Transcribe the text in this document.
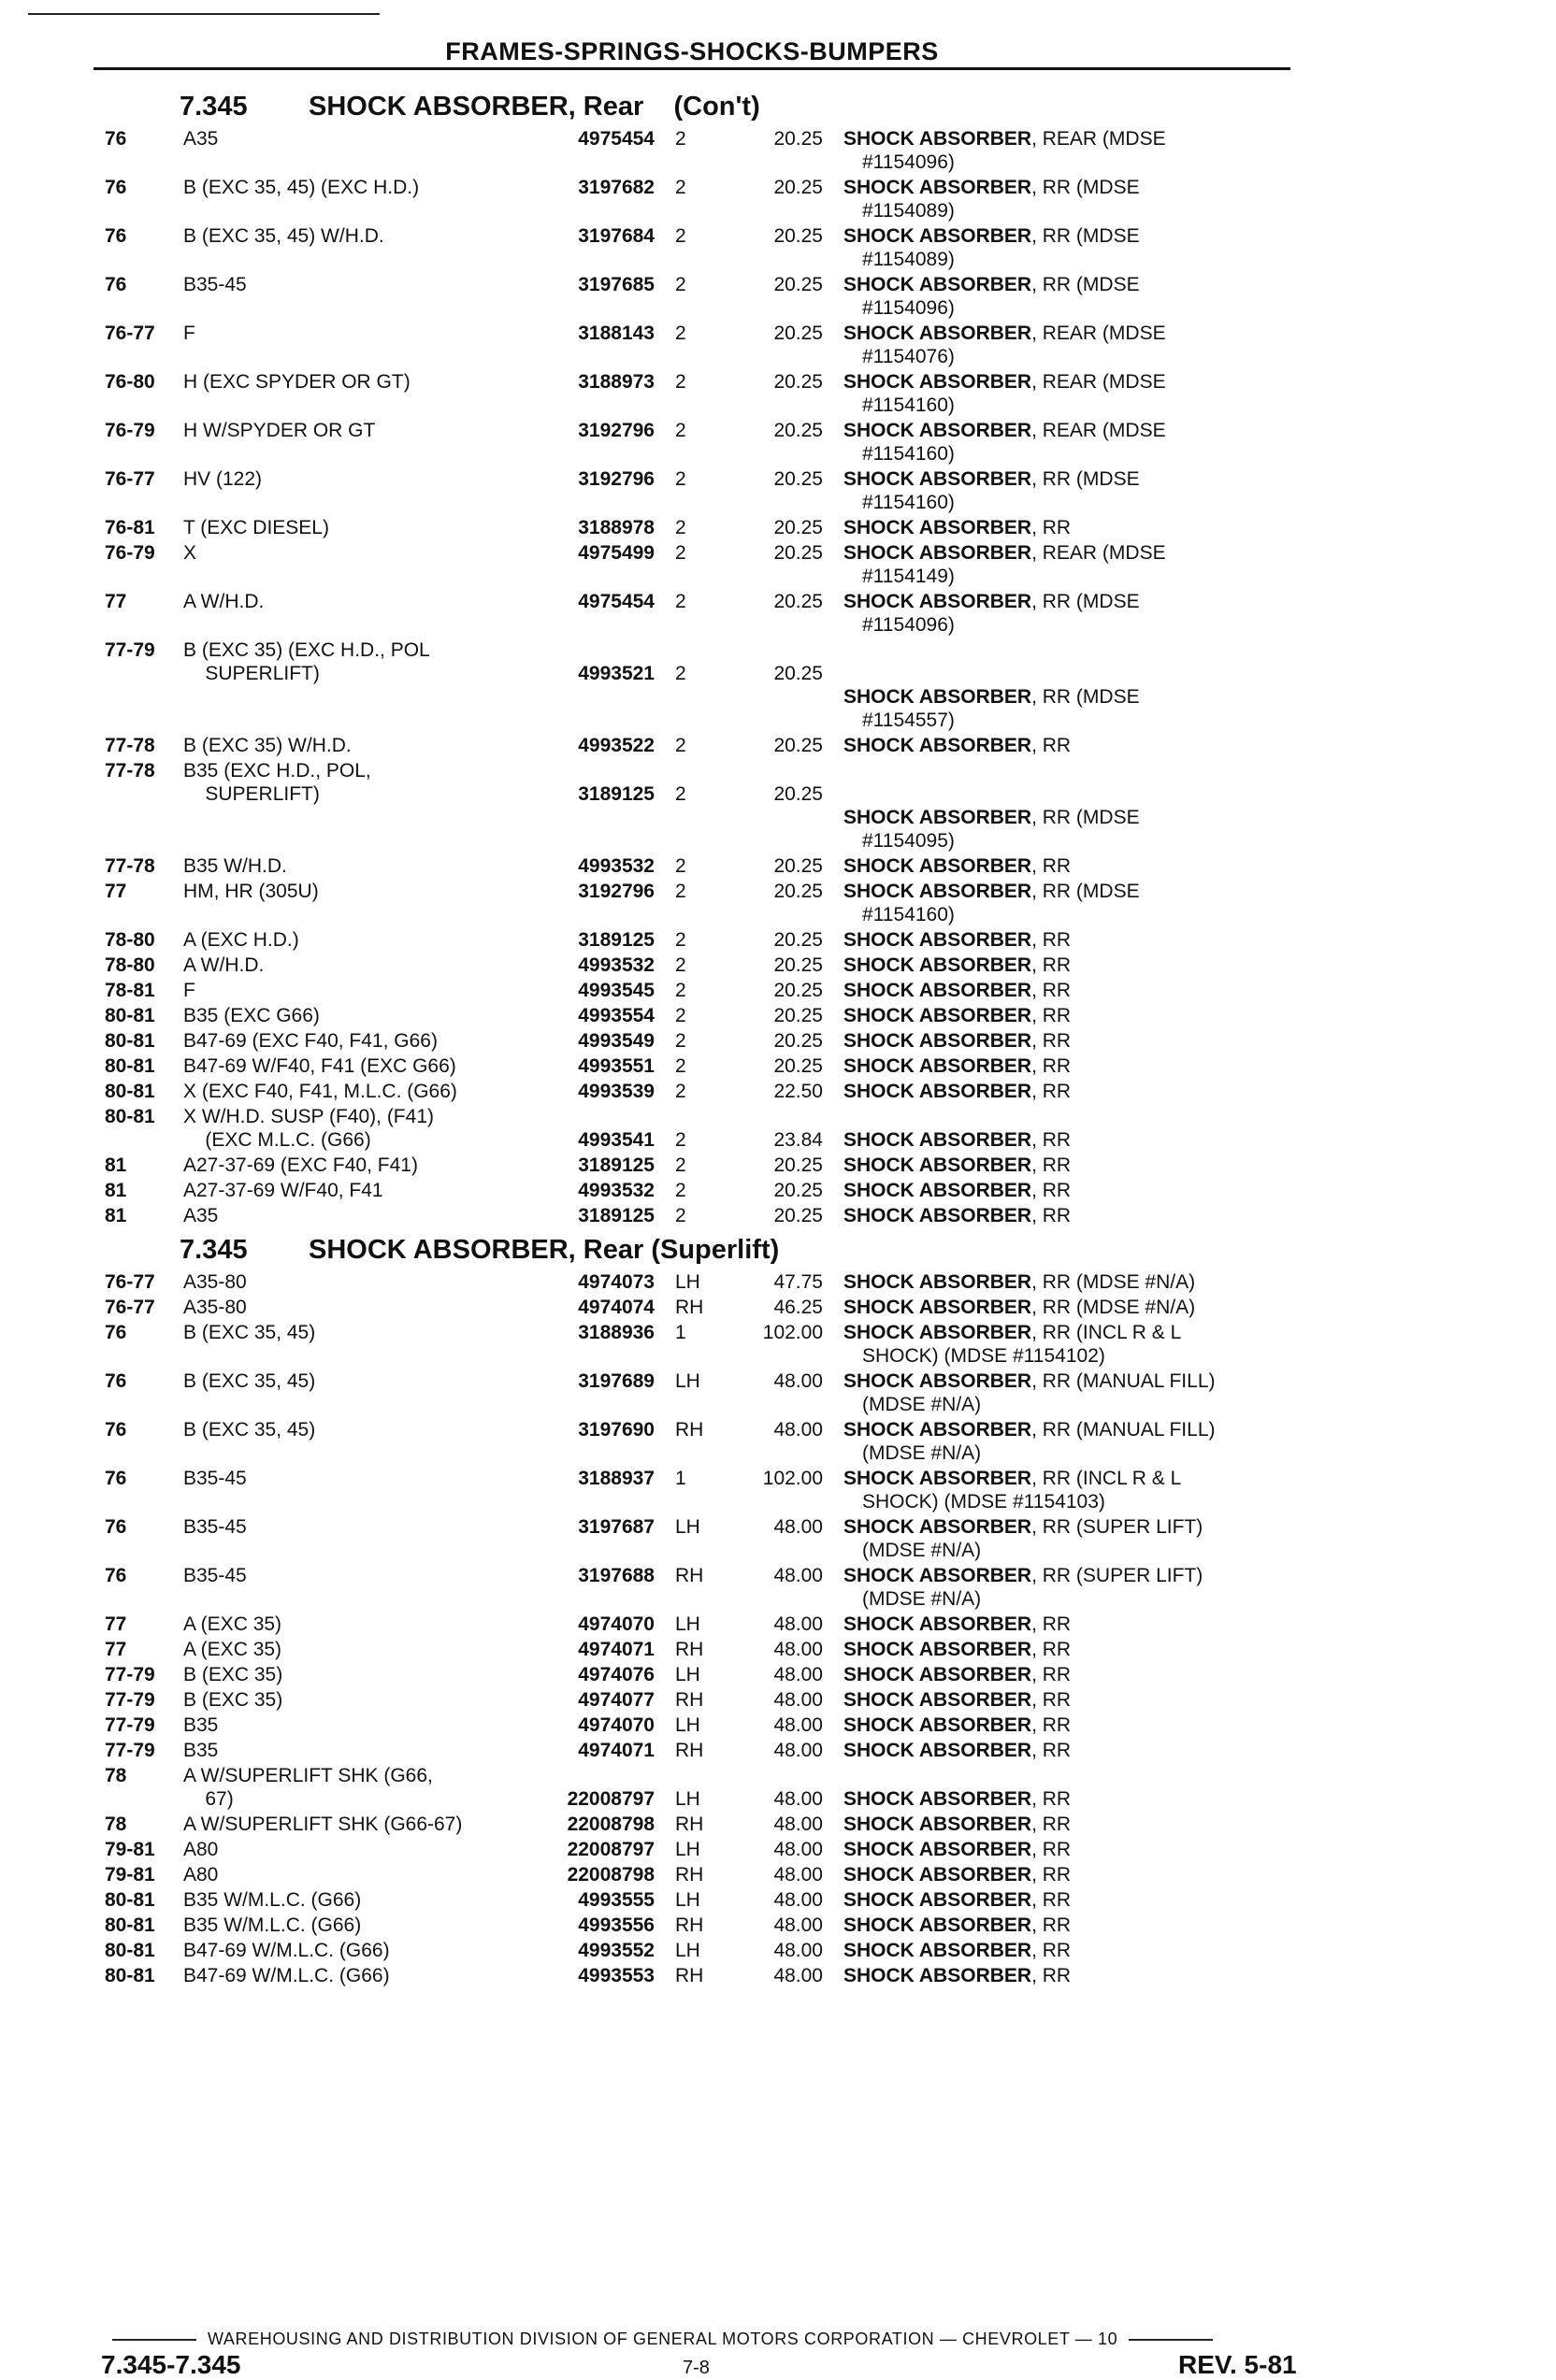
FRAMES-SPRINGS-SHOCKS-BUMPERS
7.345 SHOCK ABSORBER, Rear    (Con't)
76	A35	4975454 2	20.25 SHOCK ABSORBER, REAR (MDSE
#1154096)
76	B (EXC 35, 45) (EXC H.D.)	3197682 2	20.25 SHOCK ABSORBER, RR (MDSE
#1154089)
76	B (EXC 35, 45) W/H.D.	3197684 2	20.25 SHOCK ABSORBER, RR (MDSE
#1154089)
76	B35-45	3197685 2	20.25 SHOCK ABSORBER, RR (MDSE
#1154096)
76-77	F	3188143 2	20.25 SHOCK ABSORBER, REAR (MDSE
#1154076)
76-80	H (EXC SPYDER OR GT)	3188973 2	20.25 SHOCK ABSORBER, REAR (MDSE
#1154160)
76-79	H W/SPYDER OR GT	3192796 2	20.25 SHOCK ABSORBER, REAR (MDSE
#1154160)
76-77	HV (122)	3192796 2	20.25 SHOCK ABSORBER, RR (MDSE
#1154160)
76-81	T (EXC DIESEL)	3188978 2	20.25 SHOCK ABSORBER, RR
76-79	X	4975499 2	20.25 SHOCK ABSORBER, REAR (MDSE
#1154149)
77	A W/H.D.	4975454 2	20.25 SHOCK ABSORBER, RR (MDSE
#1154096)
77-79	B (EXC 35) (EXC H.D., POL
SUPERLIFT)	4993521 2	20.25
SHOCK ABSORBER, RR (MDSE
#1154557)
77-78	B (EXC 35) W/H.D.	4993522 2	20.25 SHOCK ABSORBER, RR
77-78	B35 (EXC H.D., POL,
SUPERLIFT)	3189125 2	20.25
SHOCK ABSORBER, RR (MDSE
#1154095)
77-78	B35 W/H.D.	4993532 2	20.25 SHOCK ABSORBER, RR
77	HM, HR (305U)	3192796 2	20.25 SHOCK ABSORBER, RR (MDSE
#1154160)
78-80	A (EXC H.D.)	3189125 2	20.25 SHOCK ABSORBER, RR
78-80	A W/H.D.	4993532 2	20.25 SHOCK ABSORBER, RR
78-81	F	4993545 2	20.25 SHOCK ABSORBER, RR
80-81	B35 (EXC G66)	4993554 2	20.25 SHOCK ABSORBER, RR
80-81	B47-69 (EXC F40, F41, G66)	4993549 2	20.25 SHOCK ABSORBER, RR
80-81	B47-69 W/F40, F41 (EXC G66)	4993551 2	20.25 SHOCK ABSORBER, RR
80-81	X (EXC F40, F41, M.L.C. (G66)	4993539 2	22.50 SHOCK ABSORBER, RR
80-81	X W/H.D. SUSP (F40), (F41)
(EXC M.L.C. (G66)	4993541 2	23.84 SHOCK ABSORBER, RR
81	A27-37-69 (EXC F40, F41)	3189125 2	20.25 SHOCK ABSORBER, RR
81	A27-37-69 W/F40, F41	4993532 2	20.25 SHOCK ABSORBER, RR
81	A35	3189125 2	20.25 SHOCK ABSORBER, RR
7.345 SHOCK ABSORBER, Rear (Superlift)
76-77	A35-80	4974073 LH	47.75 SHOCK ABSORBER, RR (MDSE #N/A)
76-77	A35-80	4974074 RH	46.25 SHOCK ABSORBER, RR (MDSE #N/A)
76	B (EXC 35, 45)	3188936 1	102.00 SHOCK ABSORBER, RR (INCL R & L
SHOCK) (MDSE #1154102)
76	B (EXC 35, 45)	3197689 LH	48.00 SHOCK ABSORBER, RR (MANUAL FILL)
(MDSE #N/A)
76	B (EXC 35, 45)	3197690 RH	48.00 SHOCK ABSORBER, RR (MANUAL FILL)
(MDSE #N/A)
76	B35-45	3188937 1	102.00 SHOCK ABSORBER, RR (INCL R & L
SHOCK) (MDSE #1154103)
76	B35-45	3197687 LH	48.00 SHOCK ABSORBER, RR (SUPER LIFT)
(MDSE #N/A)
76	B35-45	3197688 RH	48.00 SHOCK ABSORBER, RR (SUPER LIFT)
(MDSE #N/A)
77	A (EXC 35)	4974070 LH	48.00 SHOCK ABSORBER, RR
77	A (EXC 35)	4974071 RH	48.00 SHOCK ABSORBER, RR
77-79	B (EXC 35)	4974076 LH	48.00 SHOCK ABSORBER, RR
77-79	B (EXC 35)	4974077 RH	48.00 SHOCK ABSORBER, RR
77-79	B35	4974070 LH	48.00 SHOCK ABSORBER, RR
77-79	B35	4974071 RH	48.00 SHOCK ABSORBER, RR
78	A W/SUPERLIFT SHK (G66,
67)	22008797 LH	48.00 SHOCK ABSORBER, RR
78	A W/SUPERLIFT SHK (G66-67)	22008798 RH	48.00 SHOCK ABSORBER, RR
79-81	A80	22008797 LH	48.00 SHOCK ABSORBER, RR
79-81	A80	22008798 RH	48.00 SHOCK ABSORBER, RR
80-81	B35 W/M.L.C. (G66)	4993555 LH	48.00 SHOCK ABSORBER, RR
80-81	B35 W/M.L.C. (G66)	4993556 RH	48.00 SHOCK ABSORBER, RR
80-81	B47-69 W/M.L.C. (G66)	4993552 LH	48.00 SHOCK ABSORBER, RR
80-81	B47-69 W/M.L.C. (G66)	4993553 RH	48.00 SHOCK ABSORBER, RR
WAREHOUSING AND DISTRIBUTION DIVISION OF GENERAL MOTORS CORPORATION — CHEVROLET — 10
7.345-7.345	7-8	REV. 5-81
